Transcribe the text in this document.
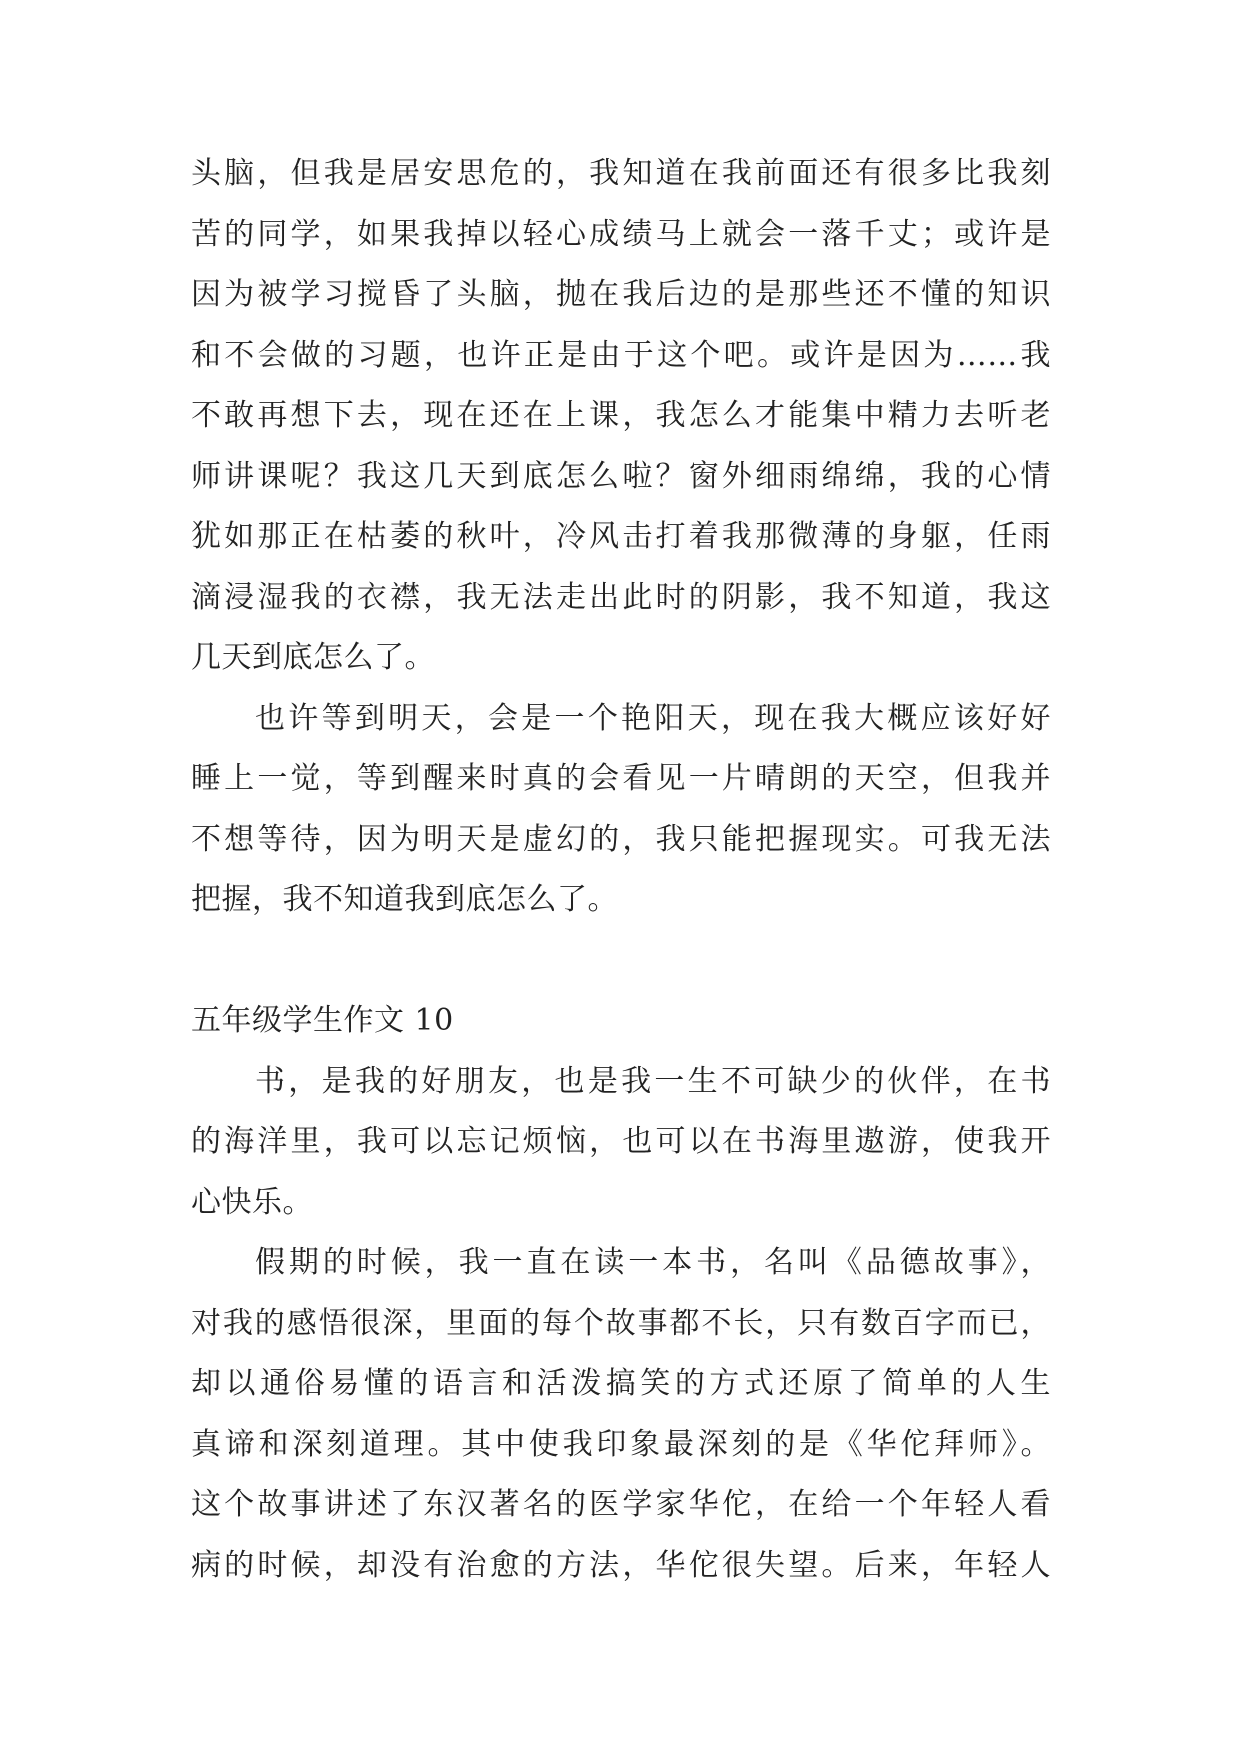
头脑，但我是居安思危的，我知道在我前面还有很多比我刻
苦的同学，如果我掉以轻心成绩马上就会一落千丈；或许是
因为被学习搅昏了头脑，抛在我后边的是那些还不懂的知识
和不会做的习题，也许正是由于这个吧。或许是因为……我
不敢再想下去，现在还在上课，我怎么才能集中精力去听老
师讲课呢？我这几天到底怎么啦？窗外细雨绵绵，我的心情
犹如那正在枯萎的秋叶，冷风击打着我那微薄的身躯，任雨
滴浸湿我的衣襟，我无法走出此时的阴影，我不知道，我这
几天到底怎么了。
也许等到明天，会是一个艳阳天，现在我大概应该好好
睡上一觉，等到醒来时真的会看见一片晴朗的天空，但我并
不想等待，因为明天是虚幻的，我只能把握现实。可我无法
把握，我不知道我到底怎么了。
五年级学生作文 10
书，是我的好朋友，也是我一生不可缺少的伙伴，在书
的海洋里，我可以忘记烦恼，也可以在书海里遨游，使我开
心快乐。
假期的时候，我一直在读一本书，名叫《品德故事》，
对我的感悟很深，里面的每个故事都不长，只有数百字而已，
却以通俗易懂的语言和活泼搞笑的方式还原了简单的人生
真谛和深刻道理。其中使我印象最深刻的是《华佗拜师》。
这个故事讲述了东汉著名的医学家华佗，在给一个年轻人看
病的时候，却没有治愈的方法，华佗很失望。后来，年轻人
